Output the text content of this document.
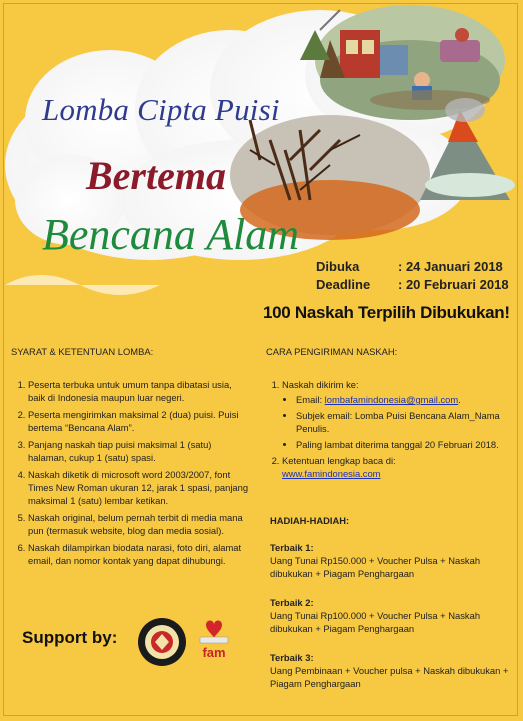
Lomba Cipta Puisi
Bertema
Bencana Alam
Dibuka	: 24 Januari 2018
Deadline	: 20 Februari 2018
100 Naskah Terpilih Dibukukan!
SYARAT & KETENTUAN LOMBA:
1. Peserta terbuka untuk umum tanpa dibatasi usia, baik di Indonesia maupun luar negeri.
2. Peserta mengirimkan maksimal 2 (dua) puisi. Puisi bertema “Bencana Alam”.
3. Panjang naskah tiap puisi maksimal 1 (satu) halaman, cukup 1 (satu) spasi.
4. Naskah diketik di microsoft word 2003/2007, font Times New Roman ukuran 12, jarak 1 spasi, panjang maksimal 1 (satu) lembar ketikan.
5. Naskah original, belum pernah terbit di media mana pun (termasuk website, blog dan media sosial).
6. Naskah dilampirkan biodata narasi, foto diri, alamat email, dan nomor kontak yang dapat dihubungi.
CARA PENGIRIMAN NASKAH:
1. Naskah dikirim ke:
• Email: lombafamindonesia@gmail.com.
• Subjek email: Lomba Puisi Bencana Alam_Nama Penulis.
• Paling lambat diterima tanggal 20 Februari 2018.
2. Ketentuan lengkap baca di:
www.famindonesia.com
HADIAH-HADIAH:
Terbaik 1:
Uang Tunai Rp150.000 + Voucher Pulsa + Naskah dibukukan + Piagam Penghargaan
Terbaik 2:
Uang Tunai Rp100.000 + Voucher Pulsa + Naskah dibukukan + Piagam Penghargaan
Terbaik 3:
Uang Pembinaan + Voucher pulsa + Naskah dibukukan + Piagam Penghargaan
Support by:
fam
